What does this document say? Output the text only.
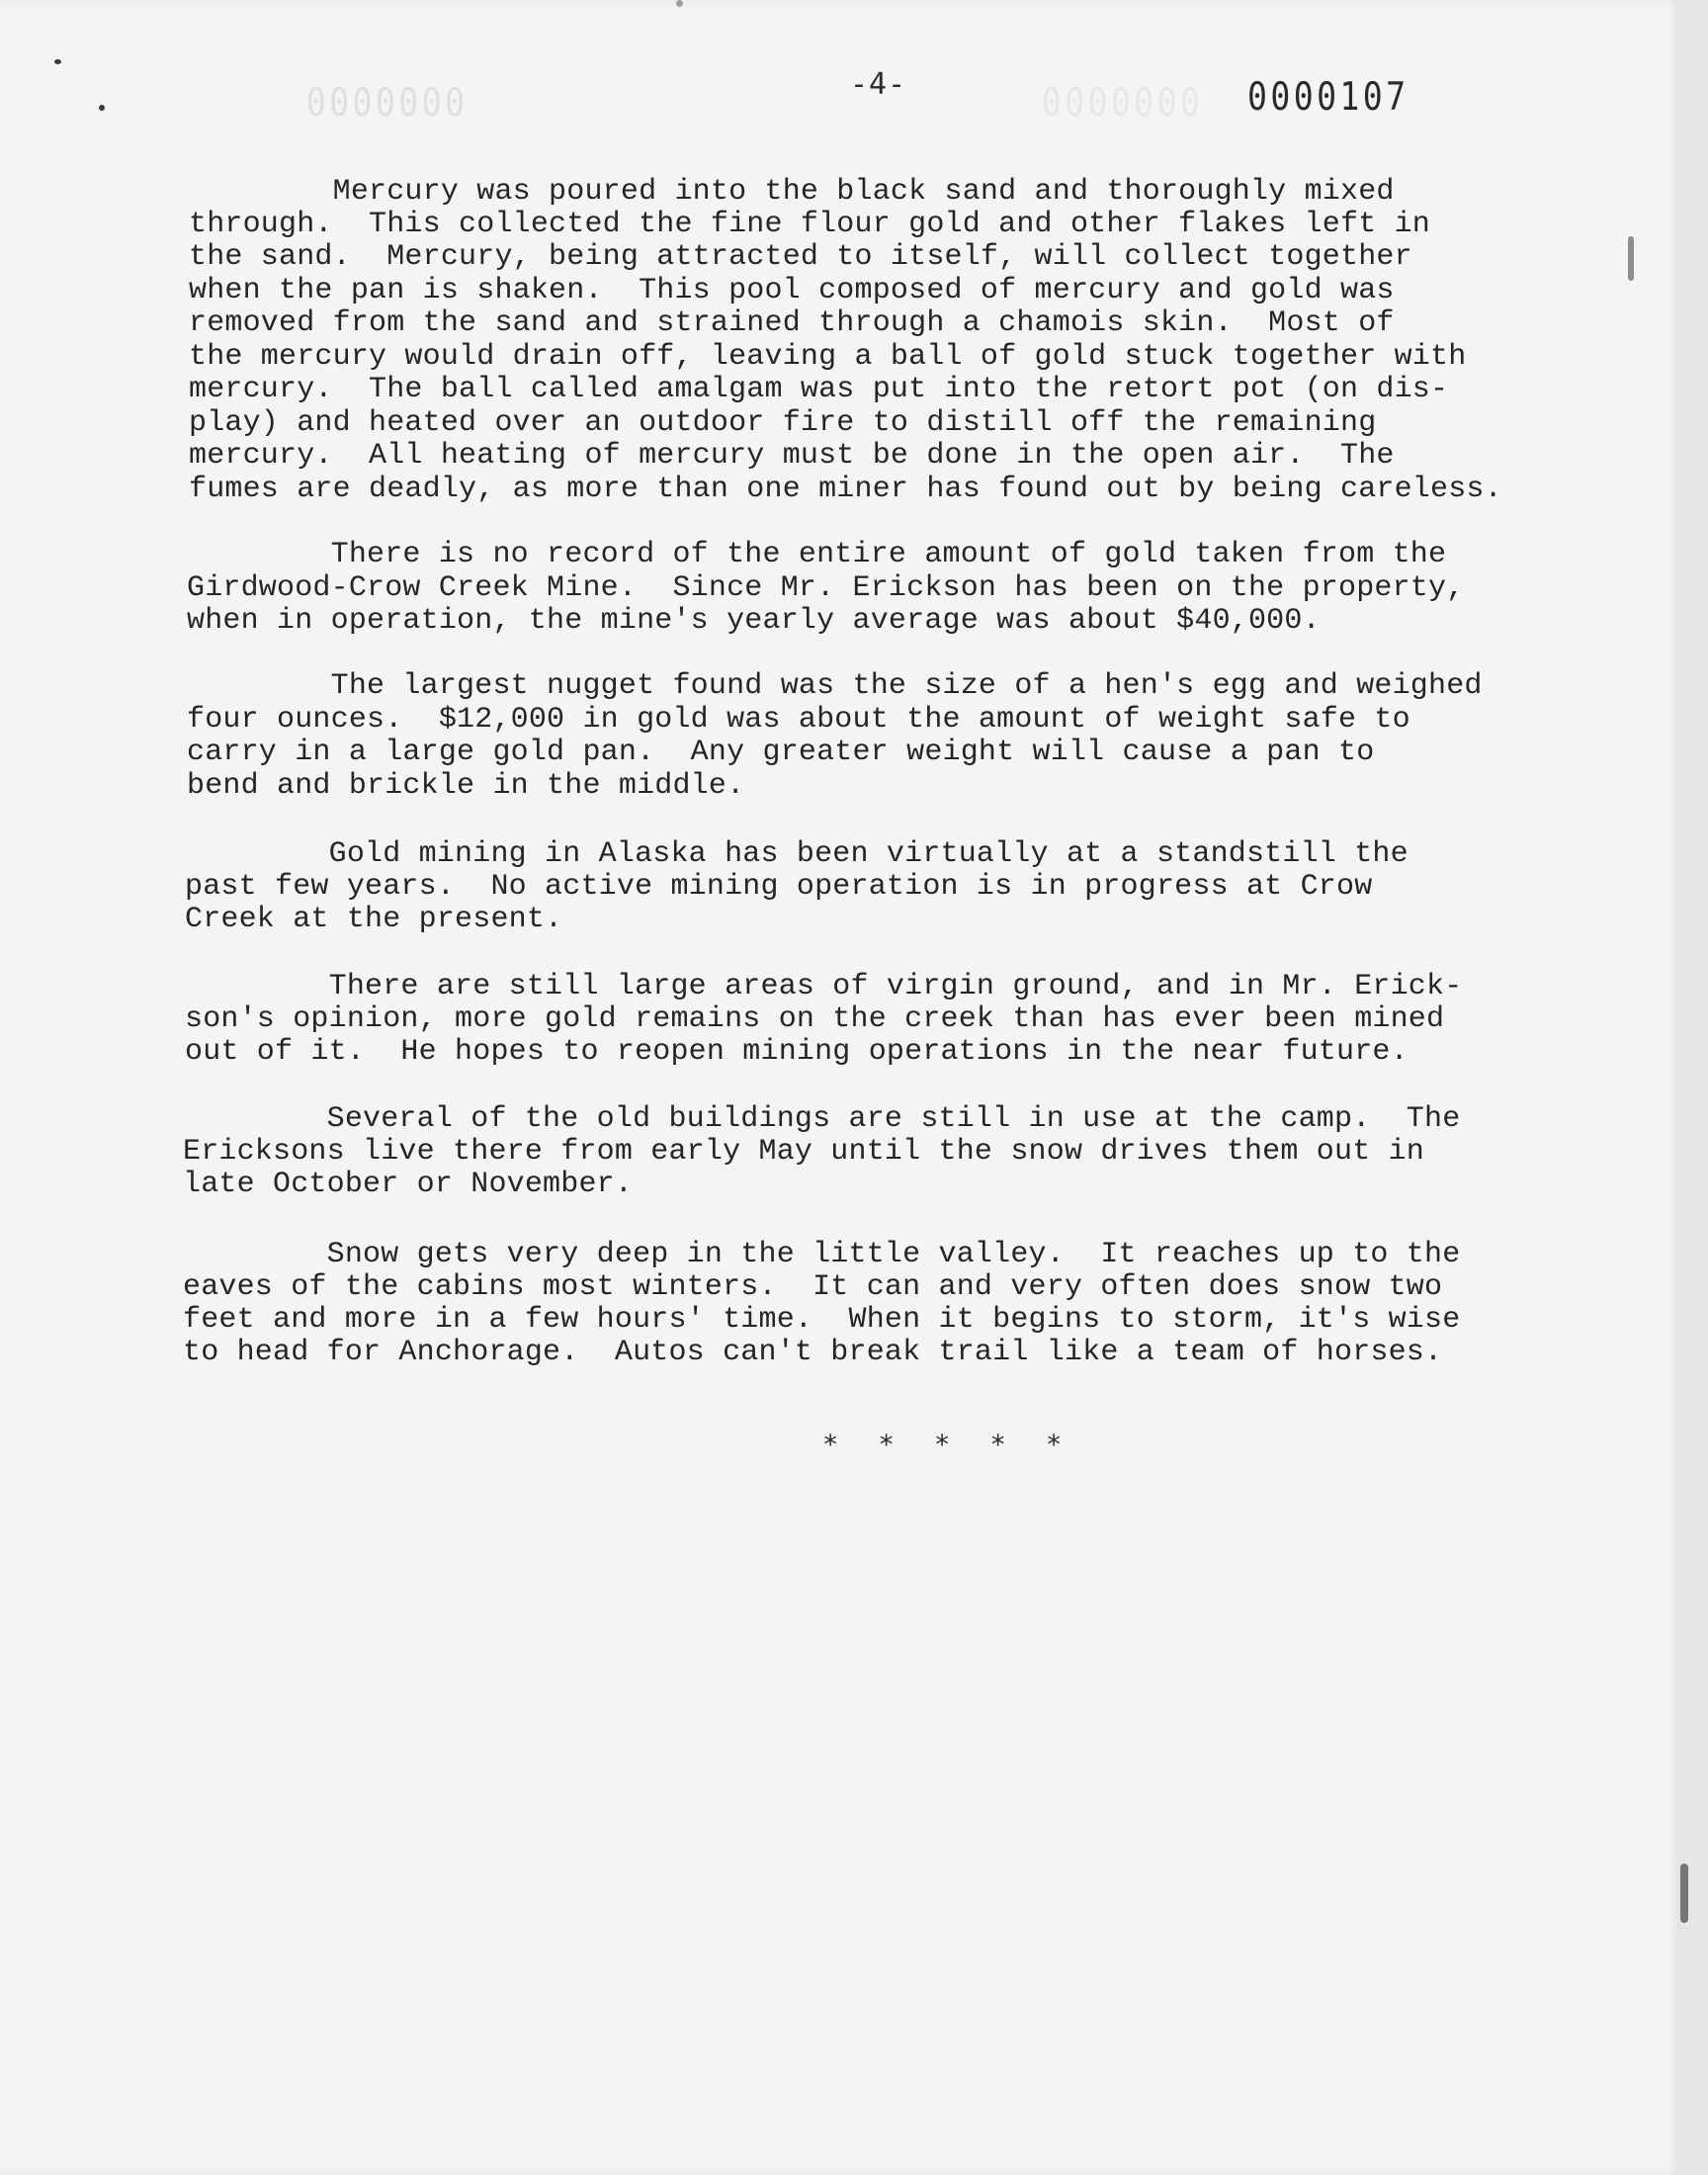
0000000	0000000
-4-	0000107

Mercury was poured into the black sand and thoroughly mixed

through.  This collected the fine flour gold and other flakes left in

the sand.  Mercury, being attracted to itself, will collect together

when the pan is shaken.  This pool composed of mercury and gold was

removed from the sand and strained through a chamois skin.  Most of

the mercury would drain off, leaving a ball of gold stuck together with

mercury.  The ball called amalgam was put into the retort pot (on dis-

play) and heated over an outdoor fire to distill off the remaining

mercury.  All heating of mercury must be done in the open air.  The

fumes are deadly, as more than one miner has found out by being careless.

There is no record of the entire amount of gold taken from the

Girdwood-Crow Creek Mine.  Since Mr. Erickson has been on the property,

when in operation, the mine's yearly average was about $40,000.

The largest nugget found was the size of a hen's egg and weighed

four ounces.  $12,000 in gold was about the amount of weight safe to

carry in a large gold pan.  Any greater weight will cause a pan to

bend and brickle in the middle.

Gold mining in Alaska has been virtually at a standstill the

past few years.  No active mining operation is in progress at Crow

Creek at the present.

There are still large areas of virgin ground, and in Mr. Erick-

son's opinion, more gold remains on the creek than has ever been mined

out of it.  He hopes to reopen mining operations in the near future.

Several of the old buildings are still in use at the camp.  The

Ericksons live there from early May until the snow drives them out in

late October or November.

Snow gets very deep in the little valley.  It reaches up to the

eaves of the cabins most winters.  It can and very often does snow two

feet and more in a few hours' time.  When it begins to storm, it's wise

to head for Anchorage.  Autos can't break trail like a team of horses.

* * * * *
